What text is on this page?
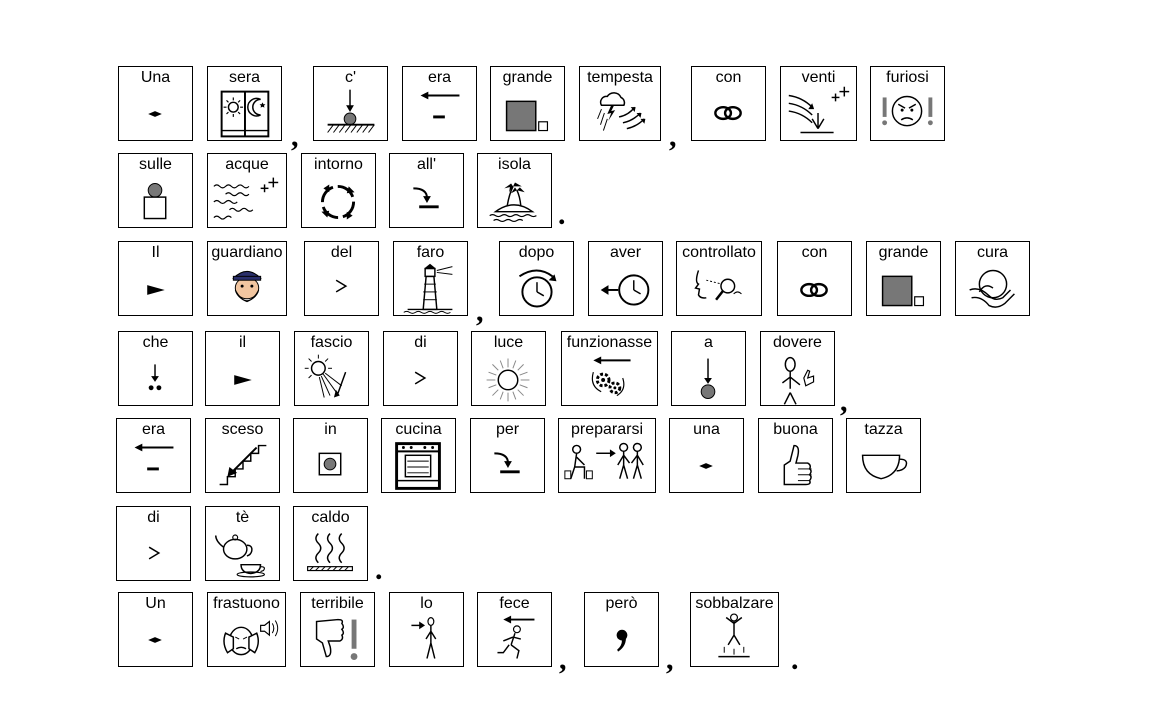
Una	sera
,
c'	era	grande	tempesta
,
con	venti	furiosi
sulle	acque	intorno	all'	isola
.
Il	guardiano	del	faro
,
dopo	aver	controllato	con	grande	cura
che	il	fascio	di	luce	funzionasse	a	dovere
,
era	sceso	in	cucina	per	prepararsi	una	buona	tazza
di	tè	caldo
.
Un	frastuono	terribile	lo	fece
,
però
,
sobbalzare
.
